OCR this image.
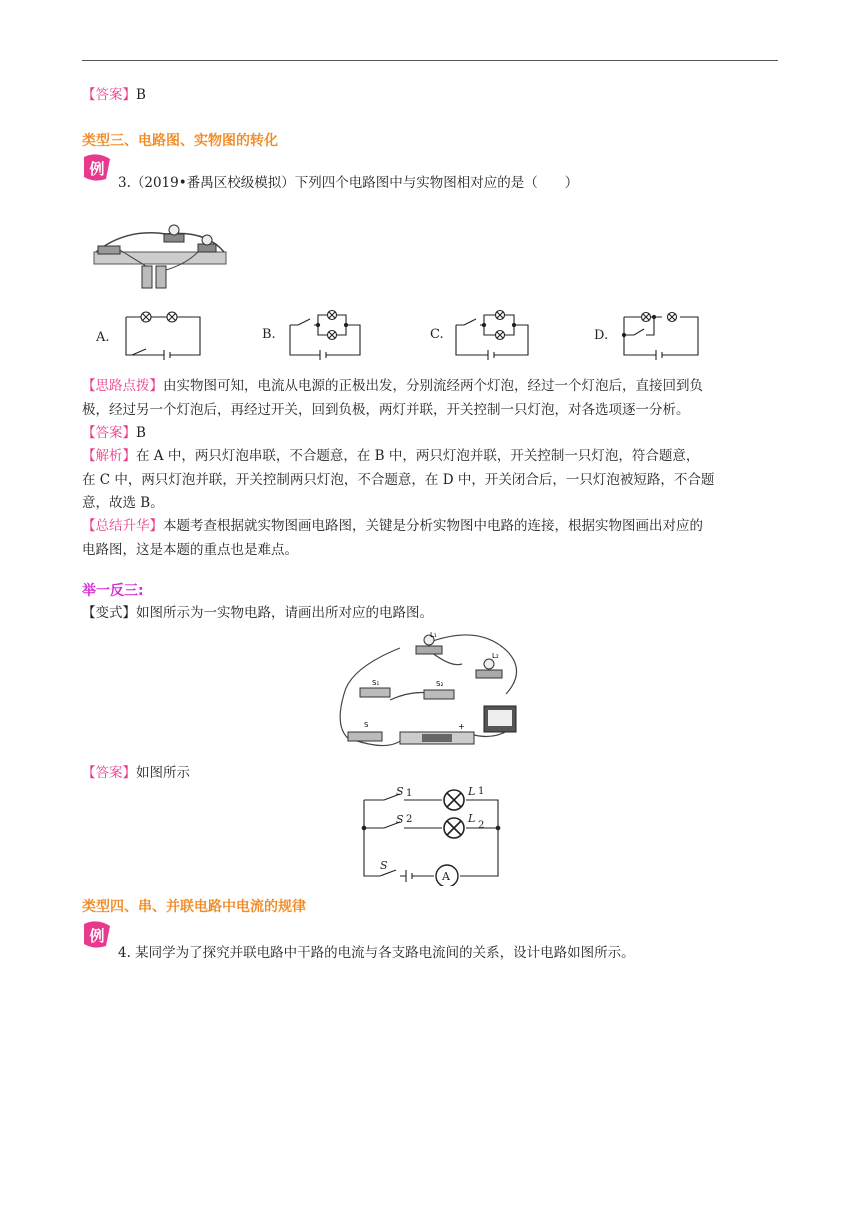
【答案】B
类型三、电路图、实物图的转化
例
3.（2019•番禺区校级模拟）下列四个电路图中与实物图相对应的是（　　）
A.	B.	C.	D.
【思路点拨】由实物图可知，电流从电源的正极出发，分别流经两个灯泡，经过一个灯泡后，直接回到负
极，经过另一个灯泡后，再经过开关，回到负极，两灯并联，开关控制一只灯泡，对各选项逐一分析。
【答案】B
【解析】在 A 中，两只灯泡串联，不合题意，在 B 中，两只灯泡并联，开关控制一只灯泡，符合题意，
在 C 中，两只灯泡并联，开关控制两只灯泡，不合题意，在 D 中，开关闭合后，一只灯泡被短路，不合题
意，故选 B。
【总结升华】本题考查根据就实物图画电路图，关键是分析实物图中电路的连接，根据实物图画出对应的
电路图，这是本题的重点也是难点。
举一反三:
【变式】如图所示为一实物电路，请画出所对应的电路图。
L₁
L₂
S₁	S₂
S	+
【答案】如图所示
S 1	L 1
S 2	L
2
S
A
类型四、串、并联电路中电流的规律
例
4. 某同学为了探究并联电路中干路的电流与各支路电流间的关系，设计电路如图所示。
